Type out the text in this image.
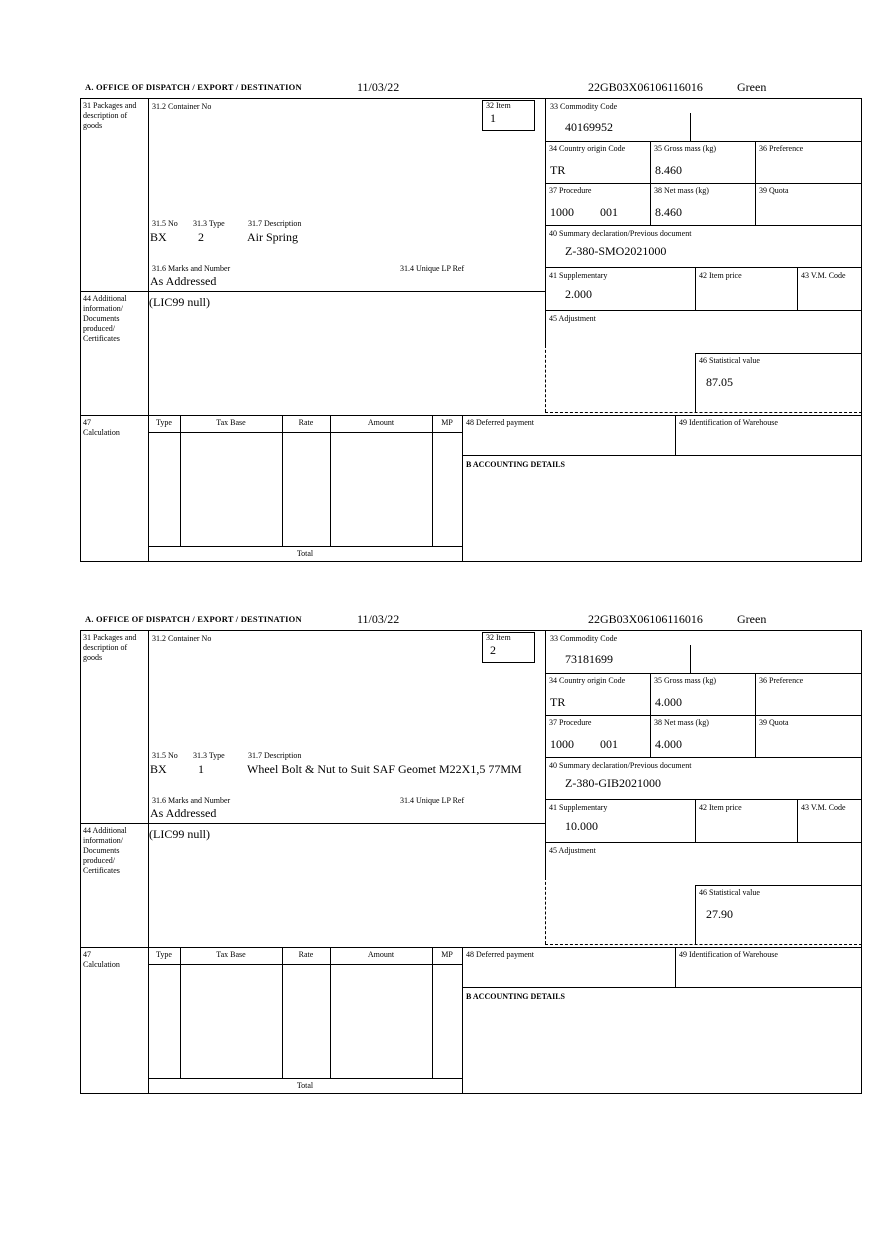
A. OFFICE OF DISPATCH / EXPORT / DESTINATION	11/03/22	22GB03X06106116016	Green
32 Item
1
31 Packages and description of goods
44 Additional information/ Documents produced/ Certificates
47 Calculation
31.2 Container No
31.5 No 31.3 Type	31.7 Description
BX	2	Air Spring
31.6 Marks and Number	31.4 Unique LP Ref
As Addressed
(LIC99 null)
33 Commodity Code
40169952
34 Country origin Code	35 Gross mass (kg)	36 Preference
TR	8.460
37 Procedure	38 Net mass (kg)	39 Quota
1000 001	8.460
40 Summary declaration/Previous document
Z-380-SMO2021000
41 Supplementary	42 Item price	43 V.M. Code
2.000
45 Adjustment
46 Statistical value
87.05
Type	Tax Base	Rate	Amount	MP
Total
48 Deferred payment	49 Identification of Warehouse
B ACCOUNTING DETAILS
A. OFFICE OF DISPATCH / EXPORT / DESTINATION	11/03/22	22GB03X06106116016	Green
32 Item
2
31 Packages and description of goods
44 Additional information/ Documents produced/ Certificates
47 Calculation
31.2 Container No
31.5 No 31.3 Type	31.7 Description
BX	1	Wheel Bolt & Nut to Suit SAF Geomet M22X1,5 77MM
31.6 Marks and Number	31.4 Unique LP Ref
As Addressed
(LIC99 null)
33 Commodity Code
73181699
34 Country origin Code	35 Gross mass (kg)	36 Preference
TR	4.000
37 Procedure	38 Net mass (kg)	39 Quota
1000 001	4.000
40 Summary declaration/Previous document
Z-380-GIB2021000
41 Supplementary	42 Item price	43 V.M. Code
10.000
45 Adjustment
46 Statistical value
27.90
Type	Tax Base	Rate	Amount	MP
Total
48 Deferred payment	49 Identification of Warehouse
B ACCOUNTING DETAILS
